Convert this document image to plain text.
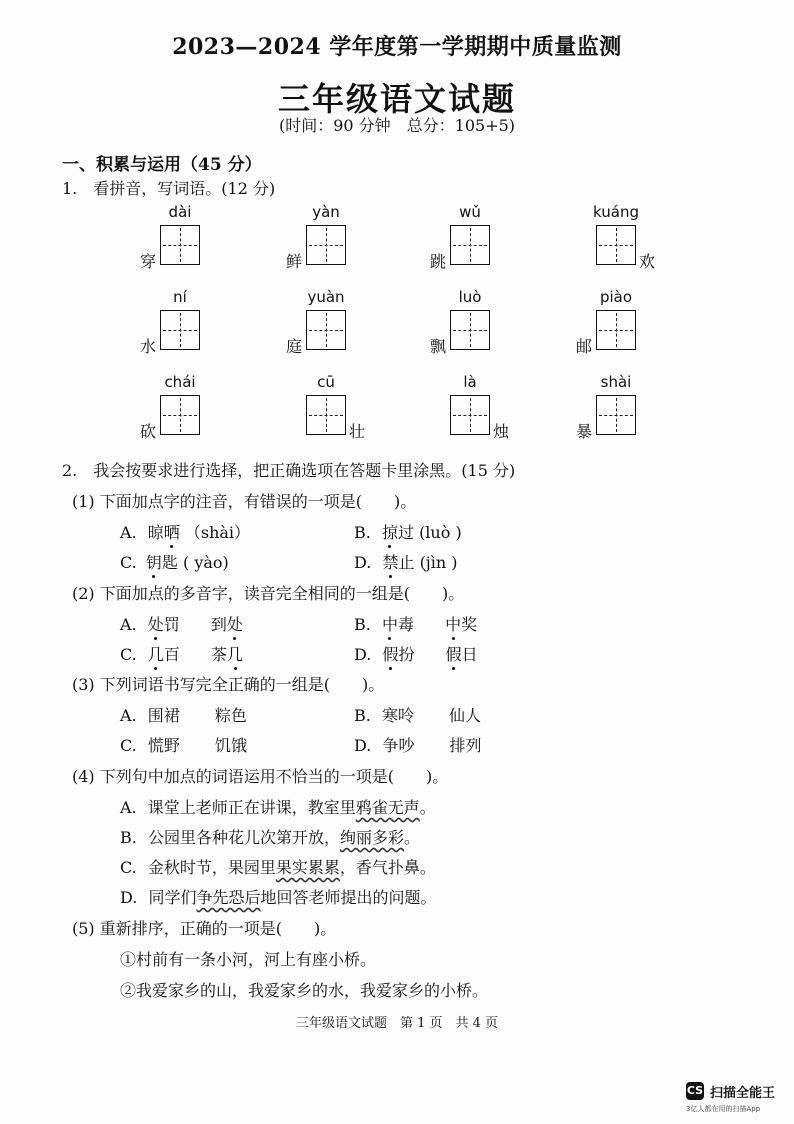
2023—2024 学年度第一学期期中质量监测
三年级语文试题
(时间：90 分钟　总分：105+5)
一、积累与运用（45 分）
1.　看拼音，写词语。(12 分)
dài
穿
yàn
鲜
wǔ
跳
kuáng
欢
ní
水
yuàn
庭
luò
飘
piào
邮
chái
砍
cū
壮
là
烛
shài
暴
2.　我会按要求进行选择，把正确选项在答题卡里涂黑。(15 分)
(1) 下面加点字的注音，有错误的一项是(　　)。
A. 晾晒 （shài）	B. 掠过 (luò )
C. 钥匙 ( yào)	D. 禁止 (jìn )
(2) 下面加点的多音字，读音完全相同的一组是(　　)。
A. 处罚 到处	B. 中毒 中奖
C. 几百 茶几	D. 假扮 假日
(3) 下列词语书写完全正确的一组是(　　)。
A. 围裙 粽色	B. 寒呤 仙人
C. 慌野 饥饿	D. 争吵 排列
(4) 下列句中加点的词语运用不恰当的一项是(　　)。
A. 课堂上老师正在讲课，教室里鸦雀无声。
B. 公园里各种花儿次第开放，绚丽多彩。
C. 金秋时节，果园里果实累累，香气扑鼻。
D. 同学们争先恐后地回答老师提出的问题。
(5) 重新排序，正确的一项是(　　)。
①村前有一条小河，河上有座小桥。
②我爱家乡的山，我爱家乡的水，我爱家乡的小桥。
三年级语文试题　第 1 页　共 4 页
CS 扫描全能王
3亿人都在用的扫描App
